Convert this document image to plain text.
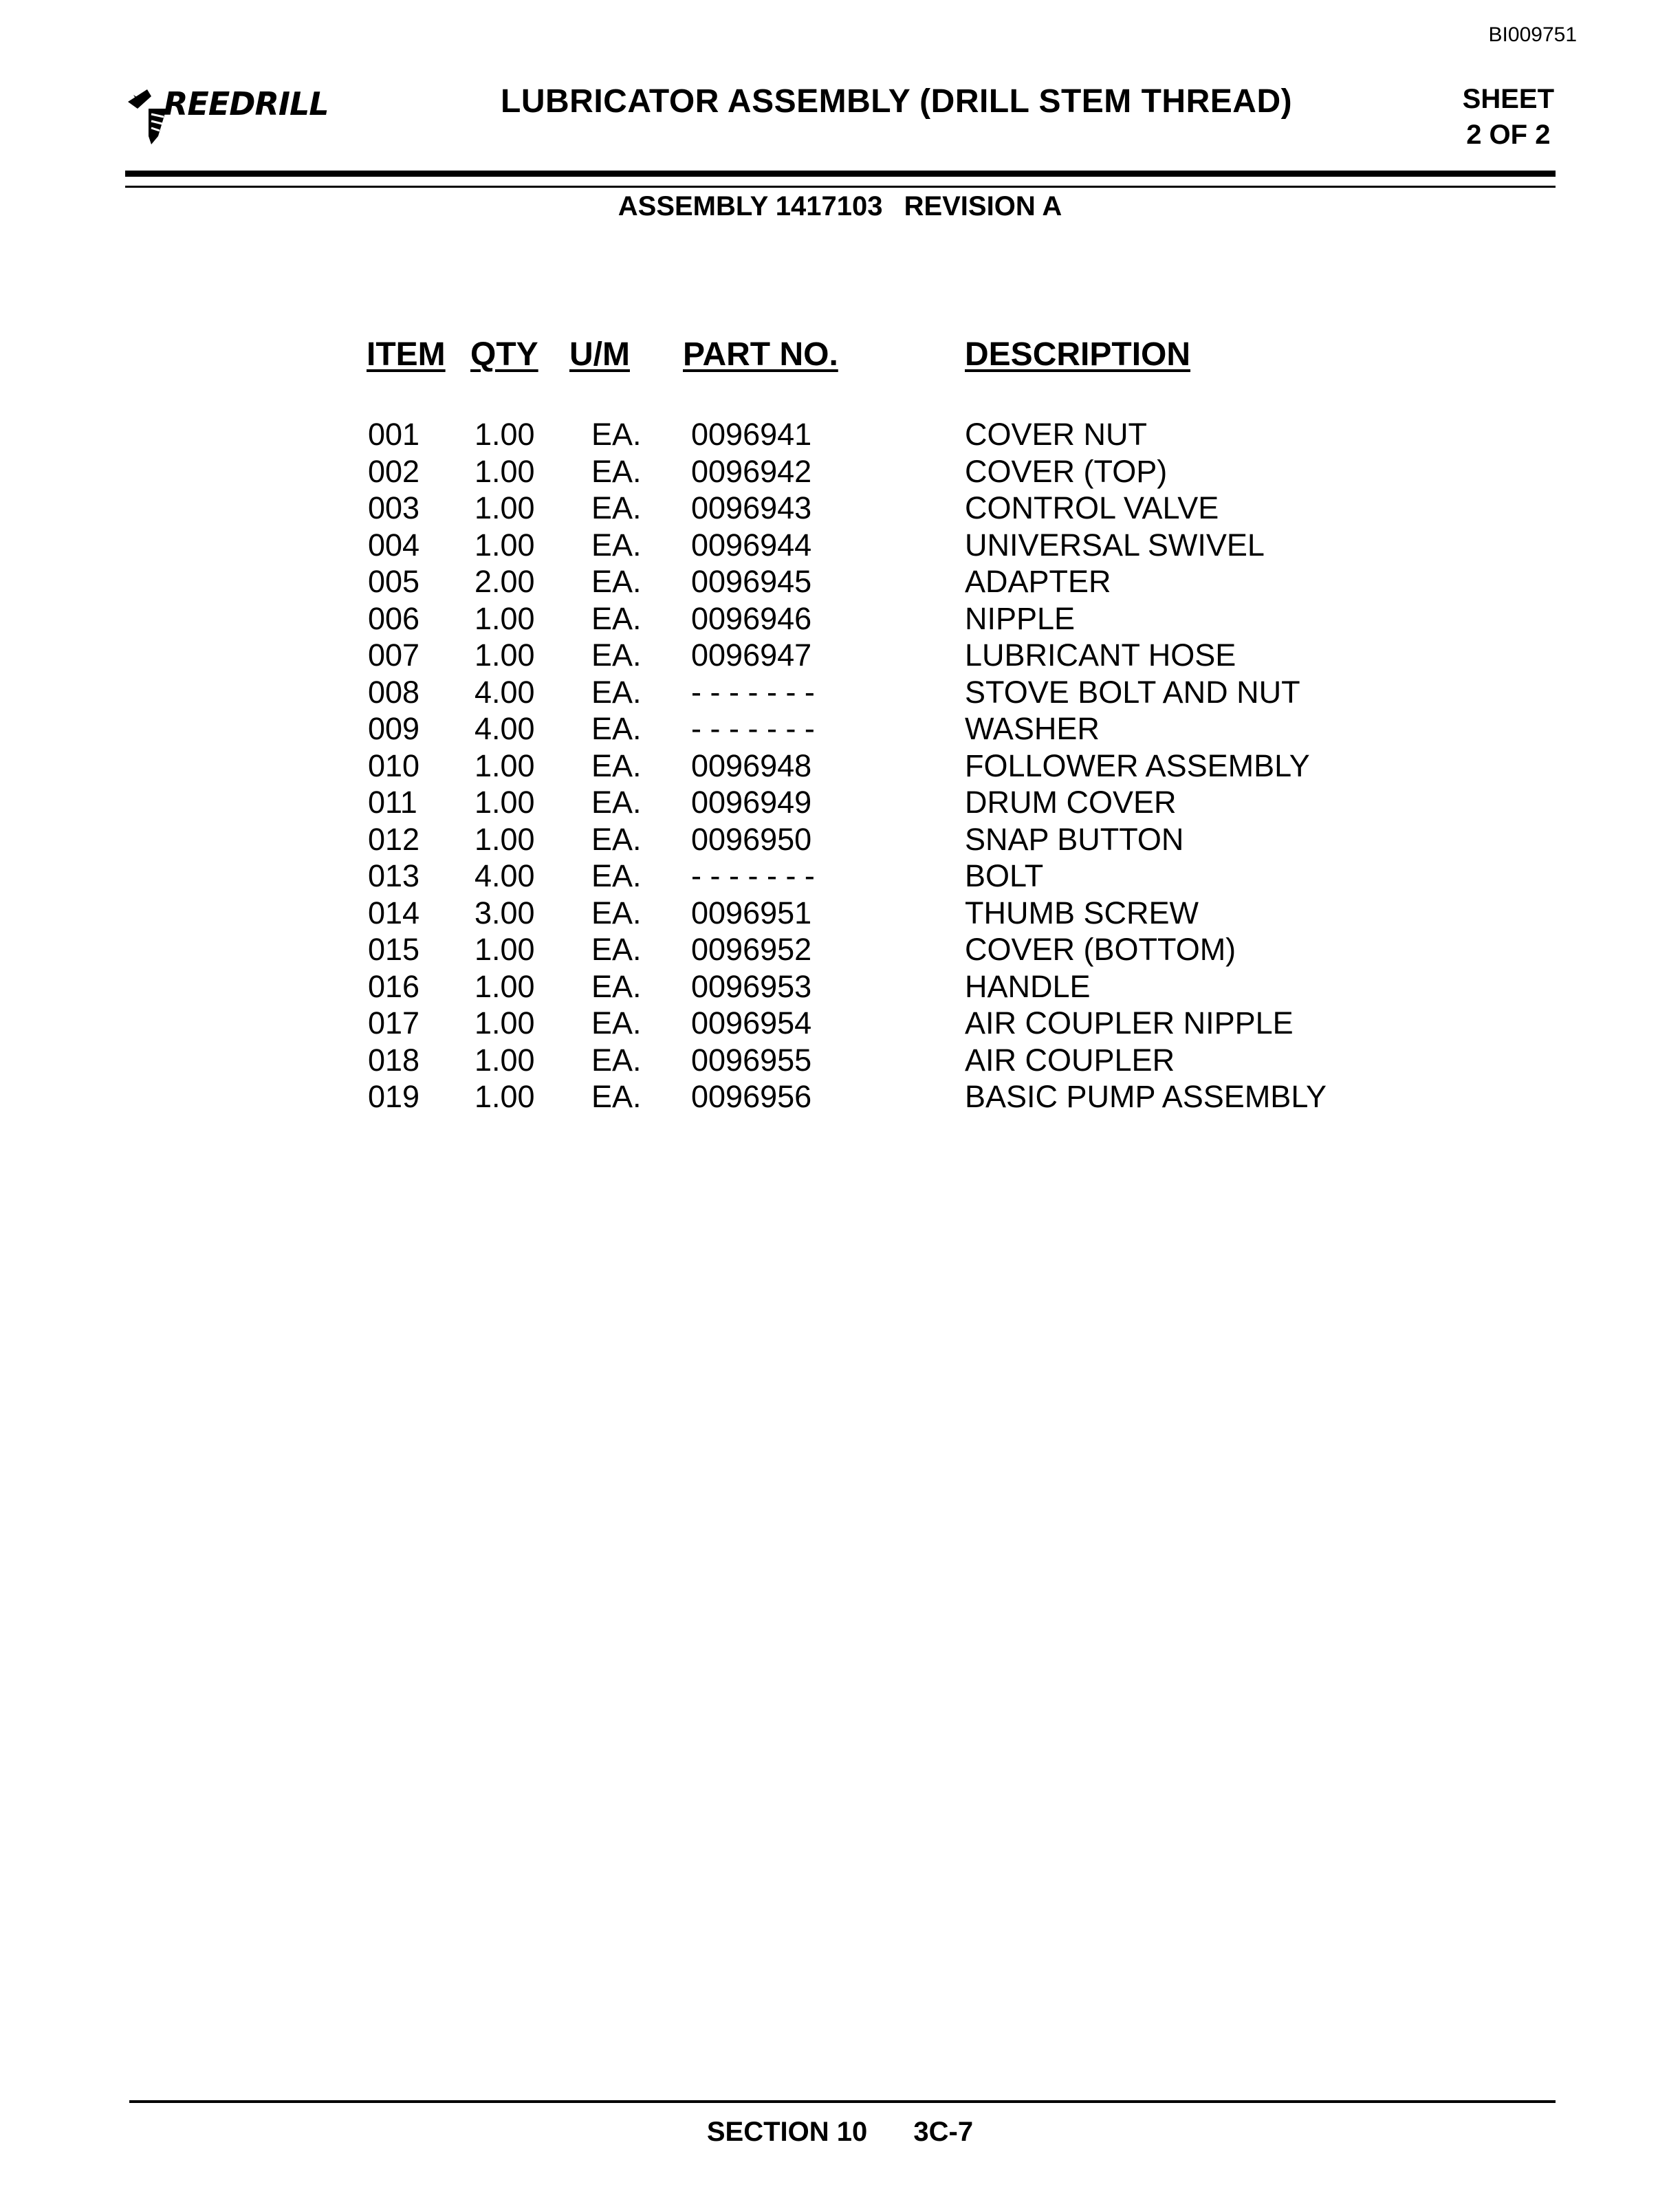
BI009751
REEDRILL	LUBRICATOR ASSEMBLY (DRILL STEM THREAD)	SHEET
2 OF 2
ASSEMBLY 1417103 REVISION A
ITEM QTY U/M PART NO.	DESCRIPTION
001 1.00 EA. 0096941	COVER NUT
002 1.00 EA. 0096942	COVER (TOP)
003 1.00 EA. 0096943	CONTROL VALVE
004 1.00 EA. 0096944	UNIVERSAL SWIVEL
005 2.00 EA. 0096945	ADAPTER
006 1.00 EA. 0096946	NIPPLE
007 1.00 EA. 0096947	LUBRICANT HOSE
008 4.00 EA. - - - - - - -	STOVE BOLT AND NUT
009 4.00 EA. - - - - - - -	WASHER
010 1.00 EA. 0096948	FOLLOWER ASSEMBLY
011 1.00 EA. 0096949	DRUM COVER
012 1.00 EA. 0096950	SNAP BUTTON
013 4.00 EA. - - - - - - -	BOLT
014 3.00 EA. 0096951	THUMB SCREW
015 1.00 EA. 0096952	COVER (BOTTOM)
016 1.00 EA. 0096953	HANDLE
017 1.00 EA. 0096954	AIR COUPLER NIPPLE
018 1.00 EA. 0096955	AIR COUPLER
019 1.00 EA. 0096956	BASIC PUMP ASSEMBLY
SECTION 10 3C-7
